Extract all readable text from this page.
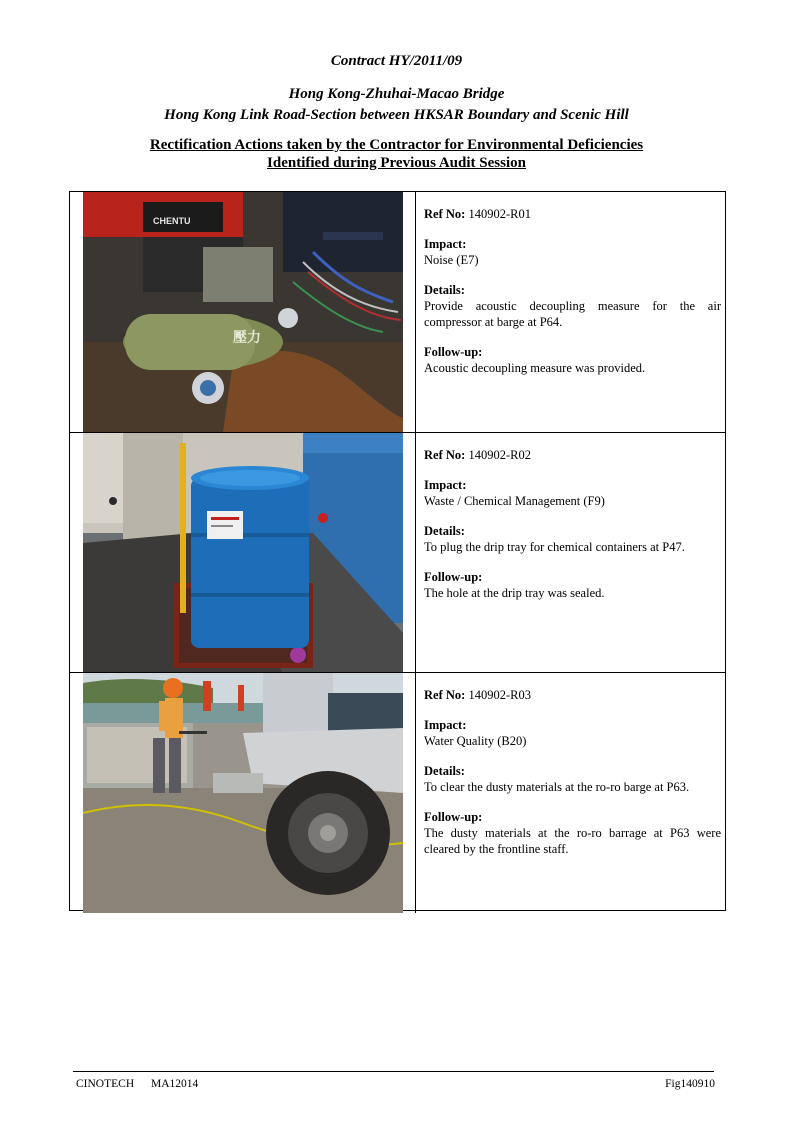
Contract HY/2011/09
Hong Kong-Zhuhai-Macao Bridge
Hong Kong Link Road-Section between HKSAR Boundary and Scenic Hill
Rectification Actions taken by the Contractor for Environmental Deficiencies
Identified during Previous Audit Session
CHENTU
壓力
Ref No: 140902-R01
Impact:
Noise (E7)
Details:
Provide acoustic decoupling measure for the air compressor at barge at P64.
Follow-up:
Acoustic decoupling measure was provided.
Ref No: 140902-R02
Impact:
Waste / Chemical Management (F9)
Details:
To plug the drip tray for chemical containers at P47.
Follow-up:
The hole at the drip tray was sealed.
Ref No: 140902-R03
Impact:
Water Quality (B20)
Details:
To clear the dusty materials at the ro-ro barge at P63.
Follow-up:
The dusty materials at the ro-ro barrage at P63 were cleared by the frontline staff.
CINOTECH MA12014	Fig140910
